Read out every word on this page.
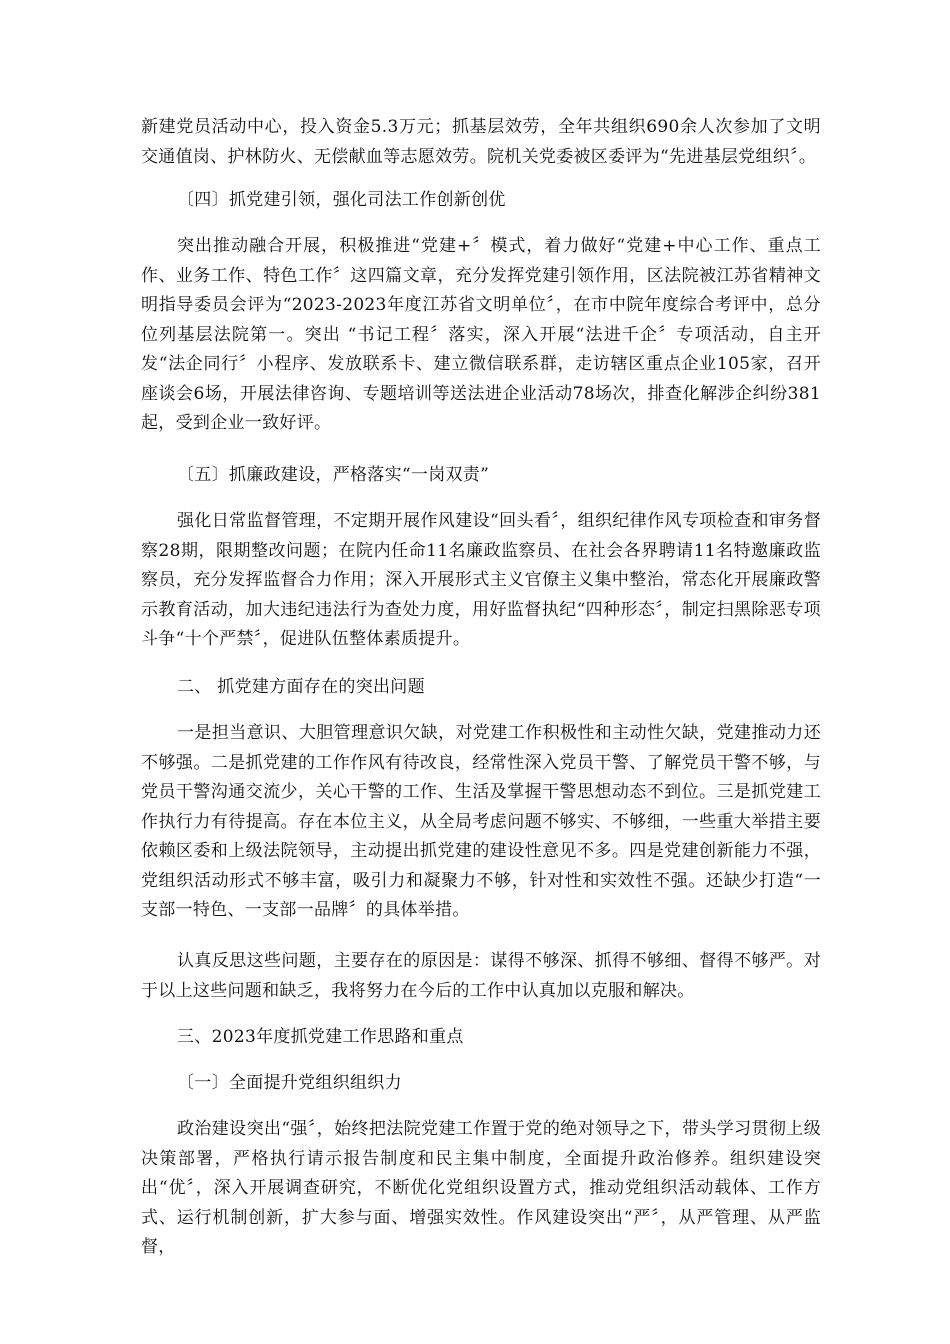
新建党员活动中心，投入资金5.3万元；抓基层效劳，全年共组织690余人次参加了文明交通值岗、护林防火、无偿献血等志愿效劳。院机关党委被区委评为“先进基层党组织〞。

〔四〕抓党建引领，强化司法工作创新创优

突出推动融合开展，积极推进“党建+〞模式，着力做好“党建+中心工作、重点工作、业务工作、特色工作〞这四篇文章，充分发挥党建引领作用，区法院被江苏省精神文明指导委员会评为“2023-2023年度江苏省文明单位〞，在市中院年度综合考评中，总分位列基层法院第一。突出 “书记工程〞落实，深入开展“法进千企〞专项活动，自主开发“法企同行〞小程序、发放联系卡、建立微信联系群，走访辖区重点企业105家，召开座谈会6场，开展法律咨询、专题培训等送法进企业活动78场次，排查化解涉企纠纷381起，受到企业一致好评。

〔五〕抓廉政建设，严格落实“一岗双责”

强化日常监督管理，不定期开展作风建设“回头看〞，组织纪律作风专项检查和审务督察28期，限期整改问题；在院内任命11名廉政监察员、在社会各界聘请11名特邀廉政监察员，充分发挥监督合力作用；深入开展形式主义官僚主义集中整治，常态化开展廉政警示教育活动，加大违纪违法行为查处力度，用好监督执纪“四种形态〞，制定扫黑除恶专项斗争“十个严禁〞，促进队伍整体素质提升。

二、 抓党建方面存在的突出问题

一是担当意识、大胆管理意识欠缺，对党建工作积极性和主动性欠缺，党建推动力还不够强。二是抓党建的工作作风有待改良，经常性深入党员干警、了解党员干警不够，与党员干警沟通交流少，关心干警的工作、生活及掌握干警思想动态不到位。三是抓党建工作执行力有待提高。存在本位主义，从全局考虑问题不够实、不够细，一些重大举措主要依赖区委和上级法院领导，主动提出抓党建的建设性意见不多。四是党建创新能力不强，党组织活动形式不够丰富，吸引力和凝聚力不够，针对性和实效性不强。还缺少打造“一支部一特色、一支部一品牌〞的具体举措。

认真反思这些问题，主要存在的原因是：谋得不够深、抓得不够细、督得不够严。对于以上这些问题和缺乏，我将努力在今后的工作中认真加以克服和解决。

三、2023年度抓党建工作思路和重点

〔一〕全面提升党组织组织力

政治建设突出“强〞，始终把法院党建工作置于党的绝对领导之下，带头学习贯彻上级决策部署，严格执行请示报告制度和民主集中制度，全面提升政治修养。组织建设突出“优〞，深入开展调查研究，不断优化党组织设置方式，推动党组织活动载体、工作方式、运行机制创新，扩大参与面、增强实效性。作风建设突出“严〞，从严管理、从严监督，
